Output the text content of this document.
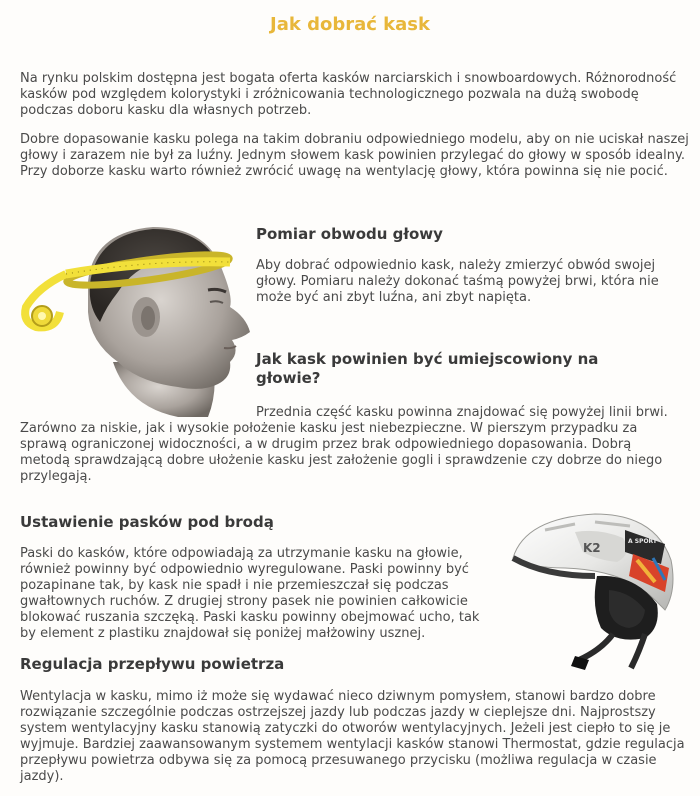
Jak dobrać kask

Na rynku polskim dostępna jest bogata oferta kasków narciarskich i snowboardowych. Różnorodność kasków pod względem kolorystyki i zróżnicowania technologicznego pozwala na dużą swobodę podczas doboru kasku dla własnych potrzeb.

Dobre dopasowanie kasku polega na takim dobraniu odpowiedniego modelu, aby on nie uciskał naszej głowy i zarazem nie był za luźny. Jednym słowem kask powinien przylegać do głowy w sposób idealny. Przy doborze kasku warto również zwrócić uwagę na wentylację głowy, która powinna się nie pocić.

Pomiar obwodu głowy

Aby dobrać odpowiednio kask, należy zmierzyć obwód swojej głowy. Pomiaru należy dokonać taśmą powyżej brwi, która nie może być ani zbyt luźna, ani zbyt napięta.

Jak kask powinien być umiejscowiony na głowie?

Przednia część kasku powinna znajdować się powyżej linii brwi. Zarówno za niskie, jak i wysokie położenie kasku jest niebezpieczne. W pierszym przypadku za sprawą ograniczonej widoczności, a w drugim przez brak odpowiedniego dopasowania. Dobrą metodą sprawdzającą dobre ułożenie kasku jest założenie gogli i sprawdzenie czy dobrze do niego przylegają.

Ustawienie pasków pod brodą

Paski do kasków, które odpowiadają za utrzymanie kasku na głowie, również powinny być odpowiednio wyregulowane. Paski powinny być pozapinane tak, by kask nie spadł i nie przemieszczał się podczas gwałtownych ruchów. Z drugiej strony pasek nie powinien całkowicie blokować ruszania szczęką. Paski kasku powinny obejmować ucho, tak by element z plastiku znajdował się poniżej małżowiny usznej.

K2	A SPORT
Regulacja przepływu powietrza

Wentylacja w kasku, mimo iż może się wydawać nieco dziwnym pomysłem, stanowi bardzo dobre rozwiązanie szczególnie podczas ostrzejszej jazdy lub podczas jazdy w cieplejsze dni. Najprostszy system wentylacyjny kasku stanowią zatyczki do otworów wentylacyjnych. Jeżeli jest ciepło to się je wyjmuje. Bardziej zaawansowanym systemem wentylacji kasków stanowi Thermostat, gdzie regulacja przepływu powietrza odbywa się za pomocą przesuwanego przycisku (możliwa regulacja w czasie jazdy).
